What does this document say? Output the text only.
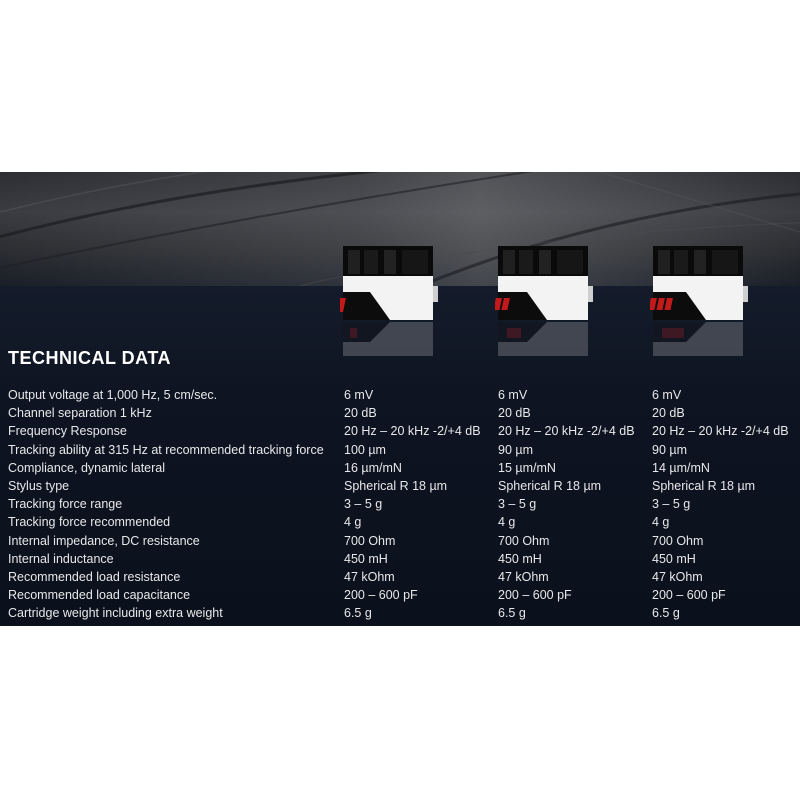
TECHNICAL DATA
Output voltage at 1,000 Hz, 5 cm/sec.	6 mV	6 mV	6 mV
Channel separation 1 kHz	20 dB	20 dB	20 dB
Frequency Response	20 Hz – 20 kHz -2/+4 dB	20 Hz – 20 kHz -2/+4 dB	20 Hz – 20 kHz -2/+4 dB
Tracking ability at 315 Hz at recommended tracking force	100 µm	90 µm	90 µm
Compliance, dynamic lateral	16 µm/mN	15 µm/mN	14 µm/mN
Stylus type	Spherical R 18 µm	Spherical R 18 µm	Spherical R 18 µm
Tracking force range	3 – 5 g	3 – 5 g	3 – 5 g
Tracking force recommended	4 g	4 g	4 g
Internal impedance, DC resistance	700 Ohm	700 Ohm	700 Ohm
Internal inductance	450 mH	450 mH	450 mH
Recommended load resistance	47 kOhm	47 kOhm	47 kOhm
Recommended load capacitance	200 – 600 pF	200 – 600 pF	200 – 600 pF
Cartridge weight including extra weight	6.5 g	6.5 g	6.5 g
